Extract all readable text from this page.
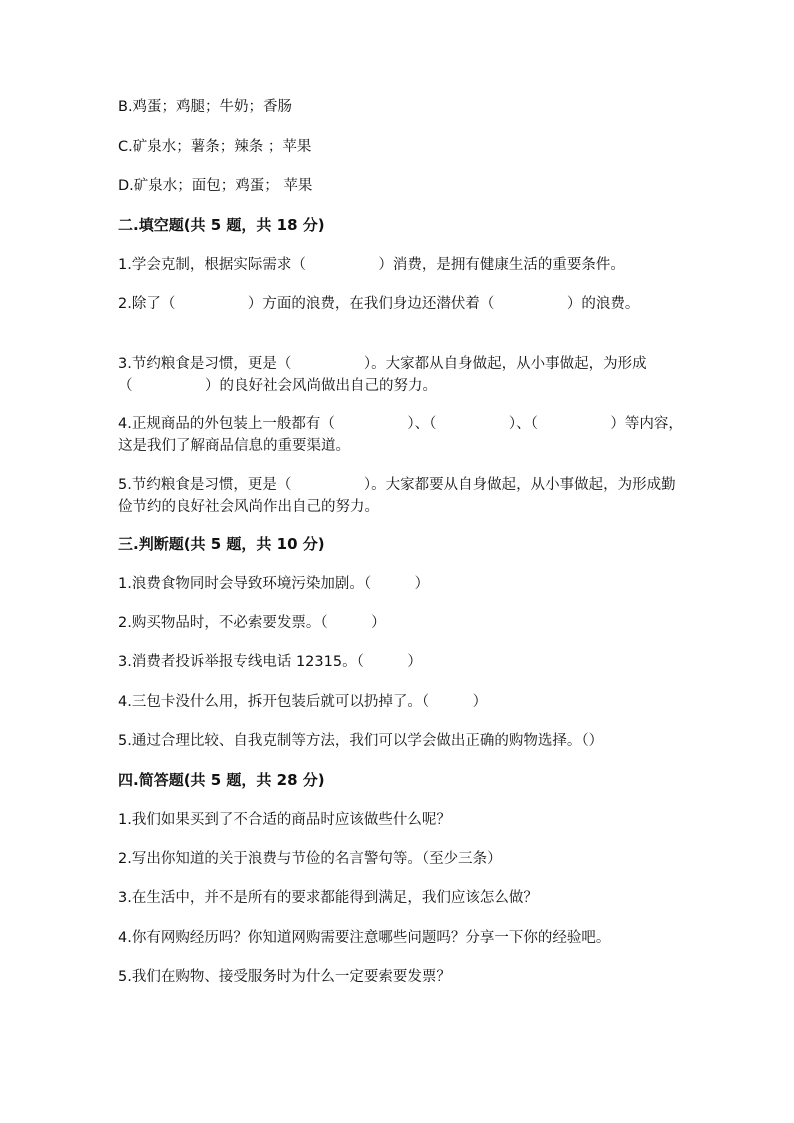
B.鸡蛋；鸡腿；牛奶；香肠
C.矿泉水；薯条；辣条 ；苹果
D.矿泉水；面包；鸡蛋； 苹果
二.填空题(共 5 题，共 18 分)
1.学会克制，根据实际需求（　　　　　）消费，是拥有健康生活的重要条件。
2.除了（　　　　　）方面的浪费，在我们身边还潜伏着（　　　　　）的浪费。
3.节约粮食是习惯，更是（　　　　　）。大家都从自身做起，从小事做起，为形成（　　　　　）的良好社会风尚做出自己的努力。
4.正规商品的外包装上一般都有（　　　　　）、（　　　　　）、（　　　　　）等内容，这是我们了解商品信息的重要渠道。
5.节约粮食是习惯，更是（　　　　　）。大家都要从自身做起，从小事做起，为形成勤俭节约的良好社会风尚作出自己的努力。
三.判断题(共 5 题，共 10 分)
1.浪费食物同时会导致环境污染加剧。（　　　）
2.购买物品时，不必索要发票。（　　　）
3.消费者投诉举报专线电话 12315。（　　　）
4.三包卡没什么用，拆开包装后就可以扔掉了。（　　　）
5.通过合理比较、自我克制等方法，我们可以学会做出正确的购物选择。（）
四.简答题(共 5 题，共 28 分)
1.我们如果买到了不合适的商品时应该做些什么呢？
2.写出你知道的关于浪费与节俭的名言警句等。（至少三条）
3.在生活中，并不是所有的要求都能得到满足，我们应该怎么做？
4.你有网购经历吗？你知道网购需要注意哪些问题吗？分享一下你的经验吧。
5.我们在购物、接受服务时为什么一定要索要发票？
